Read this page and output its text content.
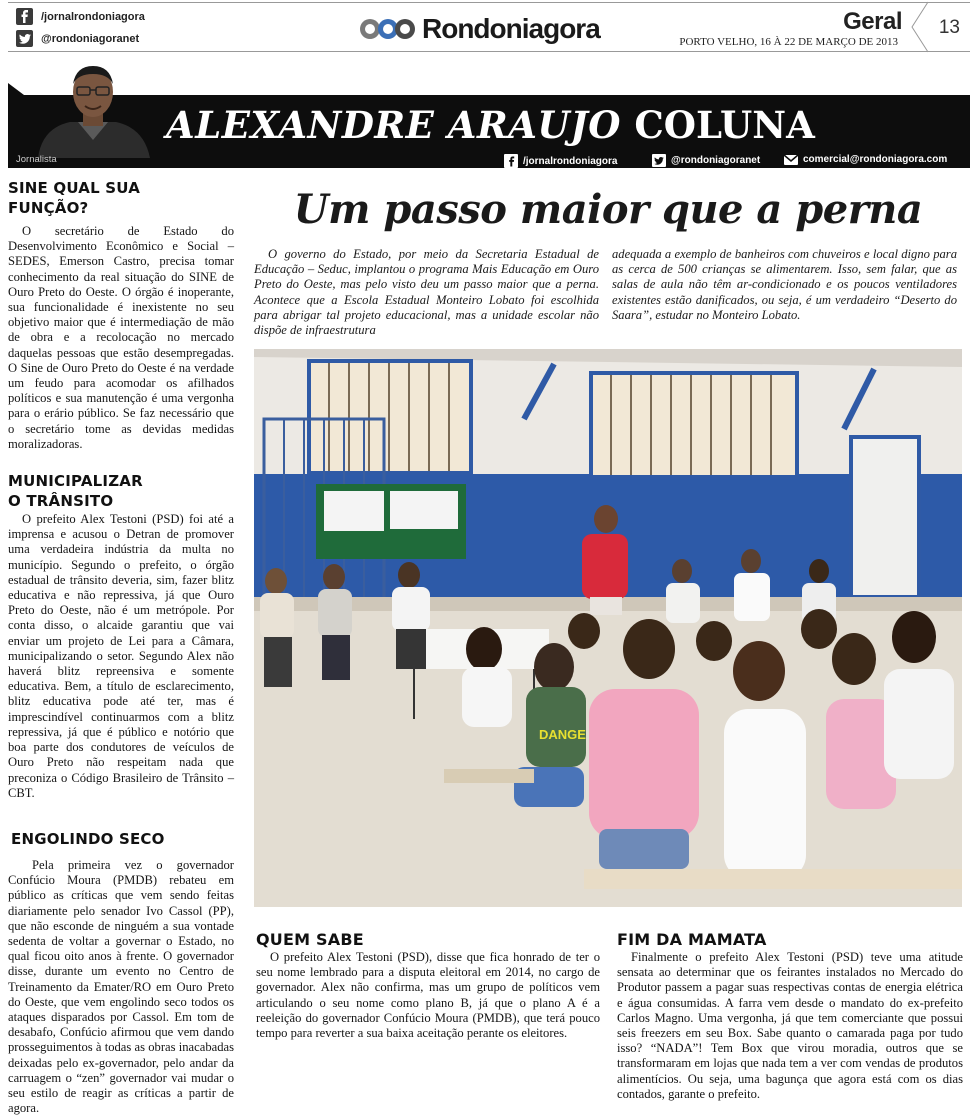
/jornalrondoniagora
@rondoniagoranet	Rondoniagora	Geral
PORTO VELHO, 16 À 22 DE MARÇO DE 2013
13
ALEXANDRE ARAUJO COLUNA
Jornalista	/jornalrondoniagora	@rondoniagoranet	comercial@rondoniagora.com
SINE QUAL SUA
FUNÇÃO?

O secretário de Estado do Desenvolvimento Econômico e Social – SEDES, Emerson Castro, precisa tomar conhecimento da real situação do SINE de Ouro Preto do Oeste. O órgão é inoperante, sua funcionalidade é inexistente no seu objetivo maior que é intermediação de mão de obra e a recolocação no mercado daquelas pessoas que estão desempregadas. O Sine de Ouro Preto do Oeste é na verdade um feudo para acomodar os afilhados políticos e sua manutenção é uma vergonha para o erário público. Se faz necessário que o secretário tome as devidas medidas moralizadoras.

MUNICIPALIZAR
O TRÂNSITO

O prefeito Alex Testoni (PSD) foi até a imprensa e acusou o Detran de promover uma verdadeira indústria da multa no município. Segundo o prefeito, o órgão estadual de trânsito deveria, sim, fazer blitz educativa e não repressiva, já que Ouro Preto do Oeste, não é um metrópole. Por conta disso, o alcaide garantiu que vai enviar um projeto de Lei para a Câmara, municipalizando o setor. Segundo Alex não haverá blitz repreensiva e somente educativa. Bem, a título de esclarecimento, blitz educativa pode até ter, mas é imprescindível continuarmos com a blitz repressiva, já que é público e notório que boa parte dos condutores de veículos de Ouro Preto não respeitam nada que preconiza o Código Brasileiro de Trânsito – CBT.

ENGOLINDO SECO

Pela primeira vez o governador Confúcio Moura (PMDB) rebateu em público as críticas que vem sendo feitas diariamente pelo senador Ivo Cassol (PP), que não esconde de ninguém a sua vontade sedenta de voltar a governar o Estado, no qual ficou oito anos à frente. O governador disse, durante um evento no Centro de Treinamento da Emater/RO em Ouro Preto do Oeste, que vem engolindo seco todos os ataques disparados por Cassol. Em tom de desabafo, Confúcio afirmou que vem dando prosseguimentos à todas as obras inacabadas deixadas pelo ex-governador, pelo andar da carruagem o “zen” governador vai mudar o seu estilo de reagir as críticas a partir de agora.

Um passo maior que a perna

O governo do Estado, por meio da Secretaria Estadual de Educação – Seduc, implantou o programa Mais Educação em Ouro Preto do Oeste, mas pelo visto deu um passo maior que a perna. Acontece que a Escola Estadual Monteiro Lobato foi escolhida para abrigar tal projeto educacional, mas a unidade escolar não dispõe de infraestrutura

adequada a exemplo de banheiros com chuveiros e local digno para as cerca de 500 crianças se alimentarem. Isso, sem falar, que as salas de aula não têm ar-condicionado e os poucos ventiladores existentes estão danificados, ou seja, é um verdadeiro “Deserto do Saara”, estudar no Monteiro Lobato.

DANGE
QUEM SABE

O prefeito Alex Testoni (PSD), disse que fica honrado de ter o seu nome lembrado para a disputa eleitoral em 2014, no cargo de governador. Alex não confirma, mas um grupo de políticos vem articulando o seu nome como plano B, já que o plano A é a reeleição do governador Confúcio Moura (PMDB), que terá pouco tempo para reverter a sua baixa aceitação perante os eleitores.

FIM DA MAMATA

Finalmente o prefeito Alex Testoni (PSD) teve uma atitude sensata ao determinar que os feirantes instalados no Mercado do Produtor passem a pagar suas respectivas contas de energia elétrica e água consumidas. A farra vem desde o mandato do ex-prefeito Carlos Magno. Uma vergonha, já que tem comerciante que possui seis freezers em seu Box. Sabe quanto o camarada paga por tudo isso? “NADA”! Tem Box que virou moradia, outros que se transformaram em lojas que nada tem a ver com vendas de produtos alimentícios. Ou seja, uma bagunça que agora está com os dias contados, garante o prefeito.
